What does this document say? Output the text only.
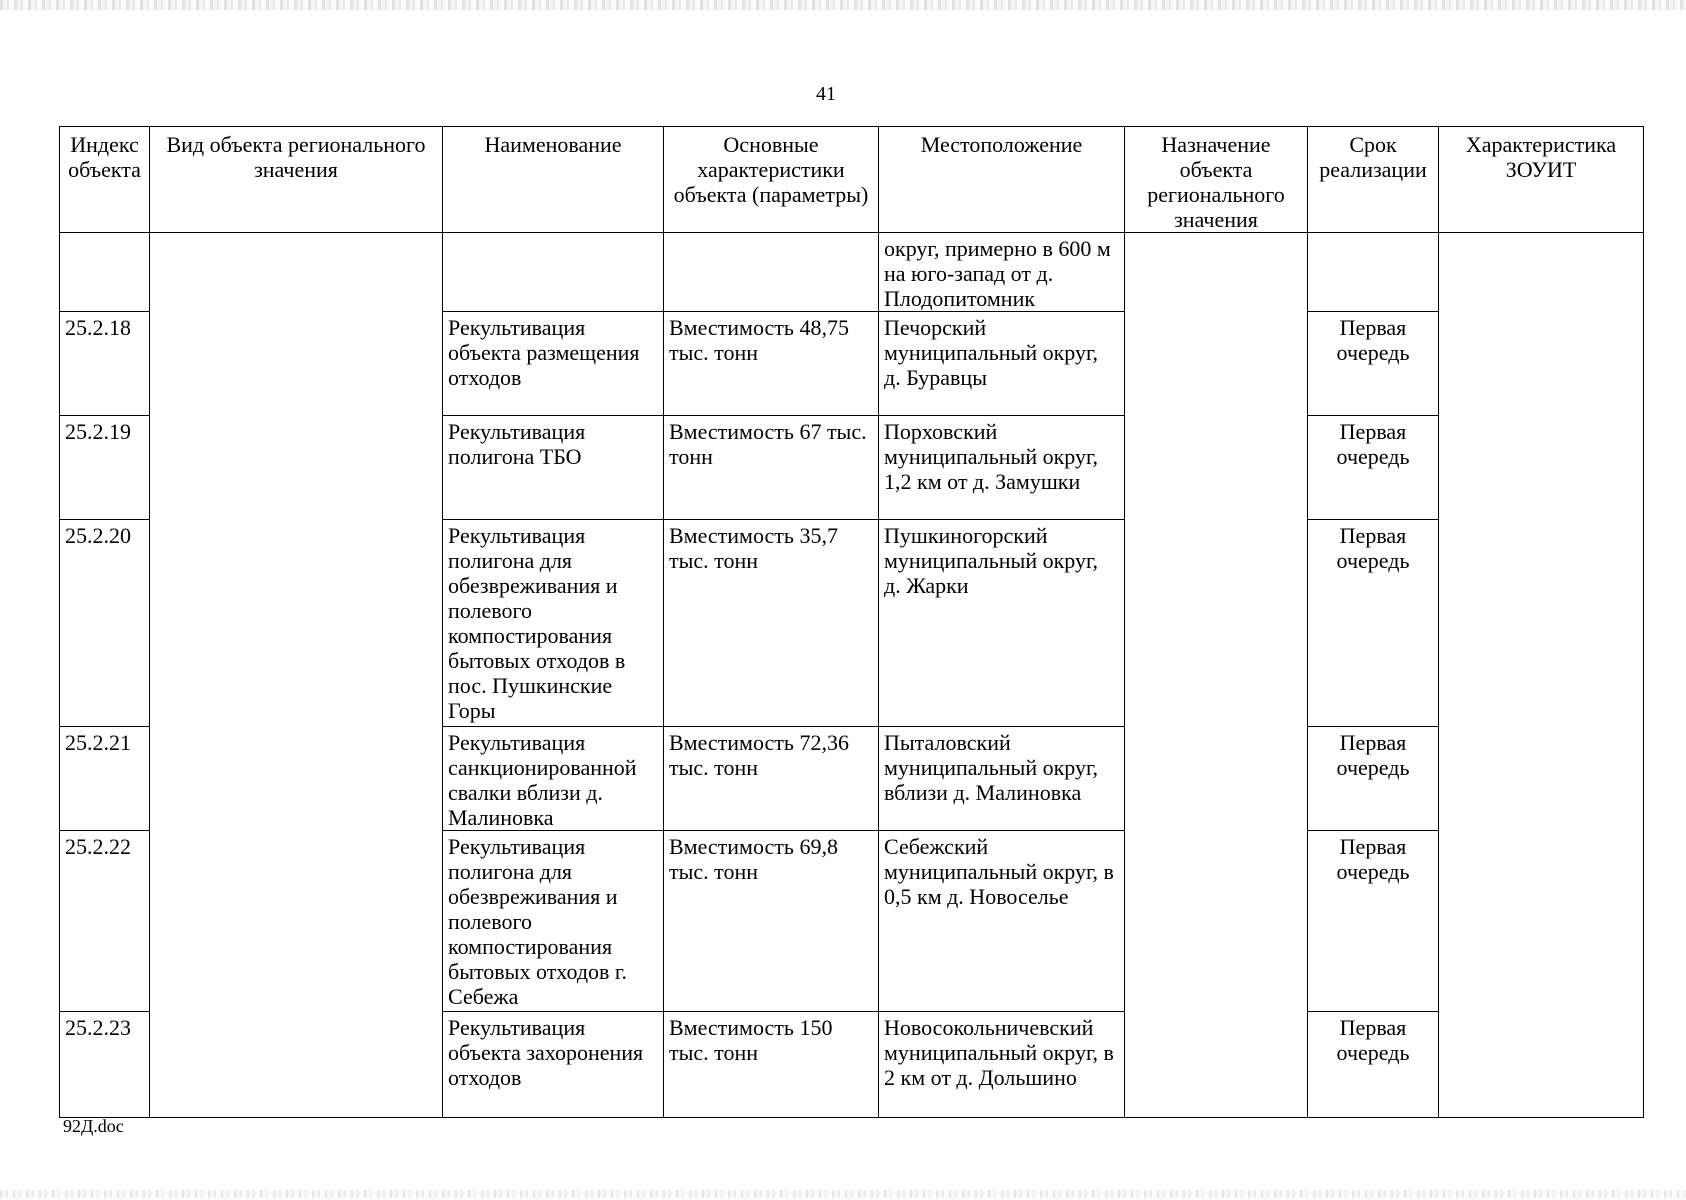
41
Индекс объекта	Вид объекта регионального значения	Наименование	Основные характеристики объекта (параметры)	Местоположение	Назначение объекта регионального значения	Срок реализации	Характеристика ЗОУИТ
				округ, примерно в 600 м на юго-запад от д. Плодопитомник			
25.2.18		Рекультивация объекта размещения отходов	Вместимость 48,75 тыс. тонн	Печорский муниципальный округ, д. Буравцы		Первая очередь	
25.2.19		Рекультивация полигона ТБО	Вместимость 67 тыс. тонн	Порховский муниципальный округ, 1,2 км от д. Замушки		Первая очередь	
25.2.20		Рекультивация полигона для обезвреживания и полевого компостирования бытовых отходов в пос. Пушкинские Горы	Вместимость 35,7 тыс. тонн	Пушкиногорский муниципальный округ, д. Жарки		Первая очередь	
25.2.21		Рекультивация санкционированной свалки вблизи д. Малиновка	Вместимость 72,36 тыс. тонн	Пыталовский муниципальный округ, вблизи д. Малиновка		Первая очередь	
25.2.22		Рекультивация полигона для обезвреживания и полевого компостирования бытовых отходов г. Себежа	Вместимость 69,8 тыс. тонн	Себежский муниципальный округ, в 0,5 км д. Новоселье		Первая очередь	
25.2.23		Рекультивация объекта захоронения отходов	Вместимость 150 тыс. тонн	Новосокольничевский муниципальный округ, в 2 км от д. Дольшино		Первая очередь	
92Д.doc
